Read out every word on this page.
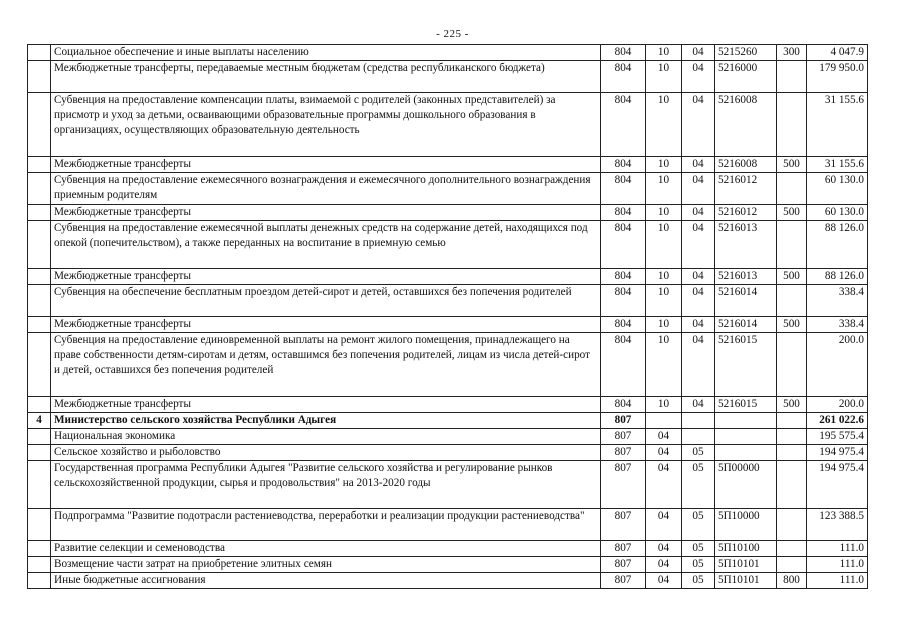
- 225 -
	Социальное обеспечение и иные выплаты населению	804	10	04	5215260	300	4 047.9
	Межбюджетные трансферты, передаваемые местным бюджетам (средства республиканского бюджета)	804	10	04	5216000		179 950.0
	Субвенция на предоставление компенсации платы, взимаемой с родителей (законных представителей) за присмотр и уход за детьми, осваивающими образовательные программы дошкольного образования в организациях, осуществляющих образовательную деятельность	804	10	04	5216008		31 155.6
	Межбюджетные трансферты	804	10	04	5216008	500	31 155.6
	Субвенция на предоставление ежемесячного вознаграждения и ежемесячного дополнительного вознаграждения приемным родителям	804	10	04	5216012		60 130.0
	Межбюджетные трансферты	804	10	04	5216012	500	60 130.0
	Субвенция на предоставление ежемесячной выплаты денежных средств на содержание детей, находящихся под опекой (попечительством), а также переданных на воспитание в приемную семью	804	10	04	5216013		88 126.0
	Межбюджетные трансферты	804	10	04	5216013	500	88 126.0
	Субвенция на обеспечение бесплатным проездом детей-сирот и детей, оставшихся без попечения родителей	804	10	04	5216014		338.4
	Межбюджетные трансферты	804	10	04	5216014	500	338.4
	Субвенция на предоставление единовременной выплаты на ремонт жилого помещения, принадлежащего на праве собственности детям-сиротам и детям, оставшимся без попечения родителей, лицам из числа детей-сирот и детей, оставшихся без попечения родителей	804	10	04	5216015		200.0
	Межбюджетные трансферты	804	10	04	5216015	500	200.0
4	Министерство сельского хозяйства Республики Адыгея	807					261 022.6
	Национальная экономика	807	04				195 575.4
	Сельское хозяйство и рыболовство	807	04	05			194 975.4
	Государственная программа Республики Адыгея "Развитие сельского хозяйства и регулирование рынков сельскохозяйственной продукции, сырья и продовольствия" на 2013-2020 годы	807	04	05	5П00000		194 975.4
	Подпрограмма "Развитие подотрасли растениеводства, переработки и реализации продукции растениеводства"	807	04	05	5П10000		123 388.5
	Развитие селекции и семеноводства	807	04	05	5П10100		111.0
	Возмещение части затрат на приобретение элитных семян	807	04	05	5П10101		111.0
	Иные бюджетные ассигнования	807	04	05	5П10101	800	111.0
